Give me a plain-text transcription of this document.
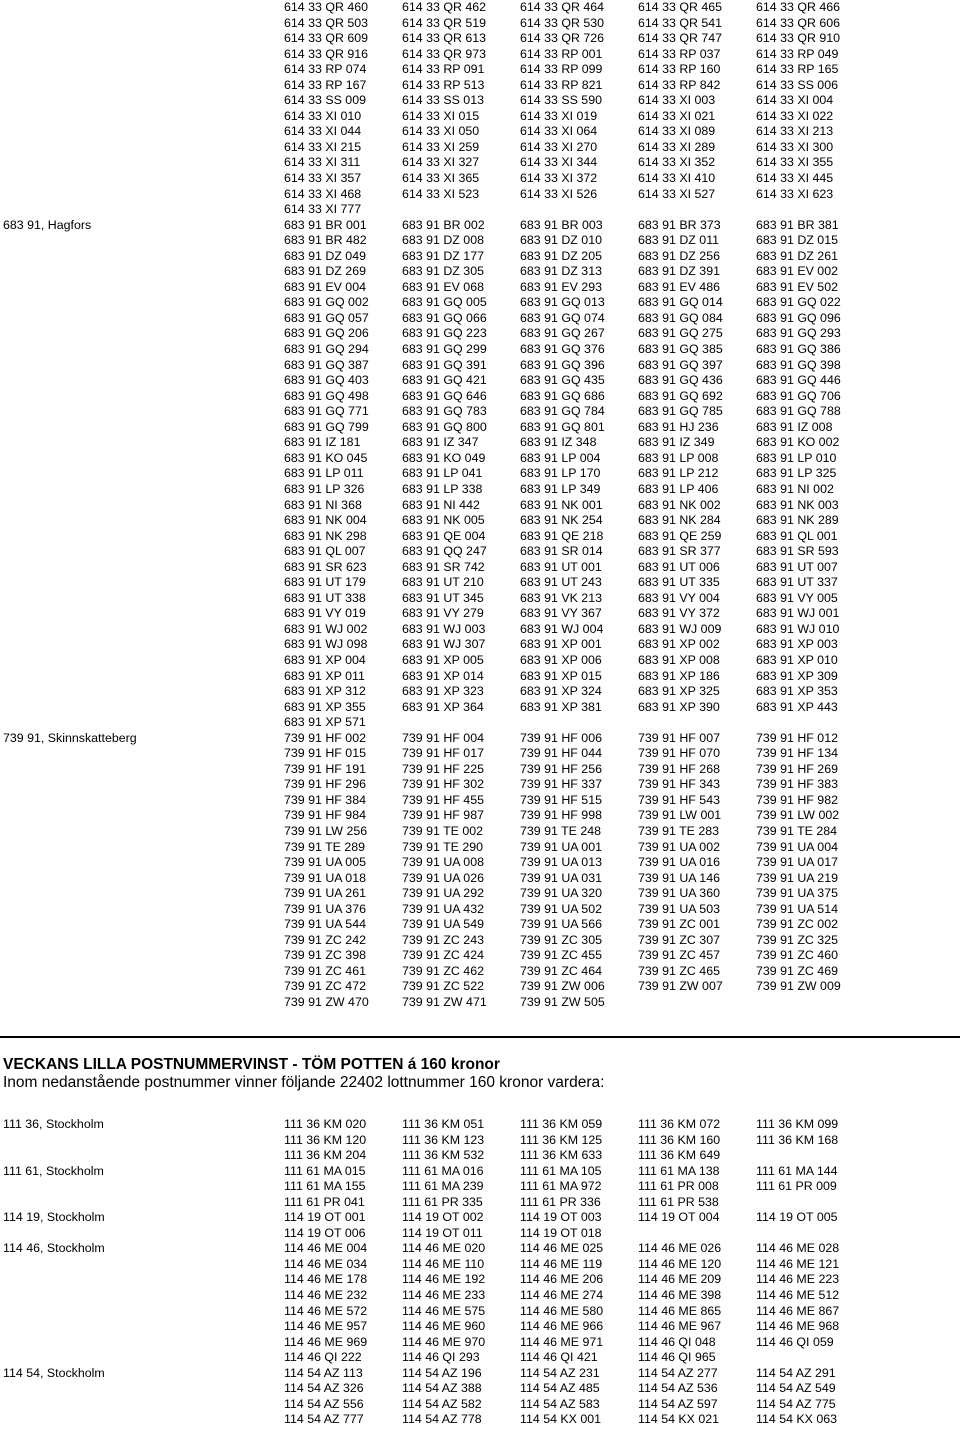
614 33 QR 460	614 33 QR 462	614 33 QR 464	614 33 QR 465	614 33 QR 466
614 33 QR 503	614 33 QR 519	614 33 QR 530	614 33 QR 541	614 33 QR 606
614 33 QR 609	614 33 QR 613	614 33 QR 726	614 33 QR 747	614 33 QR 910
614 33 QR 916	614 33 QR 973	614 33 RP 001	614 33 RP 037	614 33 RP 049
614 33 RP 074	614 33 RP 091	614 33 RP 099	614 33 RP 160	614 33 RP 165
614 33 RP 167	614 33 RP 513	614 33 RP 821	614 33 RP 842	614 33 SS 006
614 33 SS 009	614 33 SS 013	614 33 SS 590	614 33 XI 003	614 33 XI 004
614 33 XI 010	614 33 XI 015	614 33 XI 019	614 33 XI 021	614 33 XI 022
614 33 XI 044	614 33 XI 050	614 33 XI 064	614 33 XI 089	614 33 XI 213
614 33 XI 215	614 33 XI 259	614 33 XI 270	614 33 XI 289	614 33 XI 300
614 33 XI 311	614 33 XI 327	614 33 XI 344	614 33 XI 352	614 33 XI 355
614 33 XI 357	614 33 XI 365	614 33 XI 372	614 33 XI 410	614 33 XI 445
614 33 XI 468	614 33 XI 523	614 33 XI 526	614 33 XI 527	614 33 XI 623
614 33 XI 777
683 91, Hagfors	683 91 BR 001	683 91 BR 002	683 91 BR 003	683 91 BR 373	683 91 BR 381
683 91 BR 482	683 91 DZ 008	683 91 DZ 010	683 91 DZ 011	683 91 DZ 015
683 91 DZ 049	683 91 DZ 177	683 91 DZ 205	683 91 DZ 256	683 91 DZ 261
683 91 DZ 269	683 91 DZ 305	683 91 DZ 313	683 91 DZ 391	683 91 EV 002
683 91 EV 004	683 91 EV 068	683 91 EV 293	683 91 EV 486	683 91 EV 502
683 91 GQ 002	683 91 GQ 005	683 91 GQ 013	683 91 GQ 014	683 91 GQ 022
683 91 GQ 057	683 91 GQ 066	683 91 GQ 074	683 91 GQ 084	683 91 GQ 096
683 91 GQ 206	683 91 GQ 223	683 91 GQ 267	683 91 GQ 275	683 91 GQ 293
683 91 GQ 294	683 91 GQ 299	683 91 GQ 376	683 91 GQ 385	683 91 GQ 386
683 91 GQ 387	683 91 GQ 391	683 91 GQ 396	683 91 GQ 397	683 91 GQ 398
683 91 GQ 403	683 91 GQ 421	683 91 GQ 435	683 91 GQ 436	683 91 GQ 446
683 91 GQ 498	683 91 GQ 646	683 91 GQ 686	683 91 GQ 692	683 91 GQ 706
683 91 GQ 771	683 91 GQ 783	683 91 GQ 784	683 91 GQ 785	683 91 GQ 788
683 91 GQ 799	683 91 GQ 800	683 91 GQ 801	683 91 HJ 236	683 91 IZ 008
683 91 IZ 181	683 91 IZ 347	683 91 IZ 348	683 91 IZ 349	683 91 KO 002
683 91 KO 045	683 91 KO 049	683 91 LP 004	683 91 LP 008	683 91 LP 010
683 91 LP 011	683 91 LP 041	683 91 LP 170	683 91 LP 212	683 91 LP 325
683 91 LP 326	683 91 LP 338	683 91 LP 349	683 91 LP 406	683 91 NI 002
683 91 NI 368	683 91 NI 442	683 91 NK 001	683 91 NK 002	683 91 NK 003
683 91 NK 004	683 91 NK 005	683 91 NK 254	683 91 NK 284	683 91 NK 289
683 91 NK 298	683 91 QE 004	683 91 QE 218	683 91 QE 259	683 91 QL 001
683 91 QL 007	683 91 QQ 247	683 91 SR 014	683 91 SR 377	683 91 SR 593
683 91 SR 623	683 91 SR 742	683 91 UT 001	683 91 UT 006	683 91 UT 007
683 91 UT 179	683 91 UT 210	683 91 UT 243	683 91 UT 335	683 91 UT 337
683 91 UT 338	683 91 UT 345	683 91 VK 213	683 91 VY 004	683 91 VY 005
683 91 VY 019	683 91 VY 279	683 91 VY 367	683 91 VY 372	683 91 WJ 001
683 91 WJ 002	683 91 WJ 003	683 91 WJ 004	683 91 WJ 009	683 91 WJ 010
683 91 WJ 098	683 91 WJ 307	683 91 XP 001	683 91 XP 002	683 91 XP 003
683 91 XP 004	683 91 XP 005	683 91 XP 006	683 91 XP 008	683 91 XP 010
683 91 XP 011	683 91 XP 014	683 91 XP 015	683 91 XP 186	683 91 XP 309
683 91 XP 312	683 91 XP 323	683 91 XP 324	683 91 XP 325	683 91 XP 353
683 91 XP 355	683 91 XP 364	683 91 XP 381	683 91 XP 390	683 91 XP 443
683 91 XP 571
739 91, Skinnskatteberg	739 91 HF 002	739 91 HF 004	739 91 HF 006	739 91 HF 007	739 91 HF 012
739 91 HF 015	739 91 HF 017	739 91 HF 044	739 91 HF 070	739 91 HF 134
739 91 HF 191	739 91 HF 225	739 91 HF 256	739 91 HF 268	739 91 HF 269
739 91 HF 296	739 91 HF 302	739 91 HF 337	739 91 HF 343	739 91 HF 383
739 91 HF 384	739 91 HF 455	739 91 HF 515	739 91 HF 543	739 91 HF 982
739 91 HF 984	739 91 HF 987	739 91 HF 998	739 91 LW 001	739 91 LW 002
739 91 LW 256	739 91 TE 002	739 91 TE 248	739 91 TE 283	739 91 TE 284
739 91 TE 289	739 91 TE 290	739 91 UA 001	739 91 UA 002	739 91 UA 004
739 91 UA 005	739 91 UA 008	739 91 UA 013	739 91 UA 016	739 91 UA 017
739 91 UA 018	739 91 UA 026	739 91 UA 031	739 91 UA 146	739 91 UA 219
739 91 UA 261	739 91 UA 292	739 91 UA 320	739 91 UA 360	739 91 UA 375
739 91 UA 376	739 91 UA 432	739 91 UA 502	739 91 UA 503	739 91 UA 514
739 91 UA 544	739 91 UA 549	739 91 UA 566	739 91 ZC 001	739 91 ZC 002
739 91 ZC 242	739 91 ZC 243	739 91 ZC 305	739 91 ZC 307	739 91 ZC 325
739 91 ZC 398	739 91 ZC 424	739 91 ZC 455	739 91 ZC 457	739 91 ZC 460
739 91 ZC 461	739 91 ZC 462	739 91 ZC 464	739 91 ZC 465	739 91 ZC 469
739 91 ZC 472	739 91 ZC 522	739 91 ZW 006	739 91 ZW 007	739 91 ZW 009
739 91 ZW 470	739 91 ZW 471	739 91 ZW 505
VECKANS LILLA POSTNUMMERVINST - TÖM POTTEN á 160 kronor
Inom nedanstående postnummer vinner följande 22402 lottnummer 160 kronor vardera:
111 36, Stockholm	111 36 KM 020	111 36 KM 051	111 36 KM 059	111 36 KM 072	111 36 KM 099
111 36 KM 120	111 36 KM 123	111 36 KM 125	111 36 KM 160	111 36 KM 168
111 36 KM 204	111 36 KM 532	111 36 KM 633	111 36 KM 649
111 61, Stockholm	111 61 MA 015	111 61 MA 016	111 61 MA 105	111 61 MA 138	111 61 MA 144
111 61 MA 155	111 61 MA 239	111 61 MA 972	111 61 PR 008	111 61 PR 009
111 61 PR 041	111 61 PR 335	111 61 PR 336	111 61 PR 538
114 19, Stockholm	114 19 OT 001	114 19 OT 002	114 19 OT 003	114 19 OT 004	114 19 OT 005
114 19 OT 006	114 19 OT 011	114 19 OT 018
114 46, Stockholm	114 46 ME 004	114 46 ME 020	114 46 ME 025	114 46 ME 026	114 46 ME 028
114 46 ME 034	114 46 ME 110	114 46 ME 119	114 46 ME 120	114 46 ME 121
114 46 ME 178	114 46 ME 192	114 46 ME 206	114 46 ME 209	114 46 ME 223
114 46 ME 232	114 46 ME 233	114 46 ME 274	114 46 ME 398	114 46 ME 512
114 46 ME 572	114 46 ME 575	114 46 ME 580	114 46 ME 865	114 46 ME 867
114 46 ME 957	114 46 ME 960	114 46 ME 966	114 46 ME 967	114 46 ME 968
114 46 ME 969	114 46 ME 970	114 46 ME 971	114 46 QI 048	114 46 QI 059
114 46 QI 222	114 46 QI 293	114 46 QI 421	114 46 QI 965
114 54, Stockholm	114 54 AZ 113	114 54 AZ 196	114 54 AZ 231	114 54 AZ 277	114 54 AZ 291
114 54 AZ 326	114 54 AZ 388	114 54 AZ 485	114 54 AZ 536	114 54 AZ 549
114 54 AZ 556	114 54 AZ 582	114 54 AZ 583	114 54 AZ 597	114 54 AZ 775
114 54 AZ 777	114 54 AZ 778	114 54 KX 001	114 54 KX 021	114 54 KX 063
